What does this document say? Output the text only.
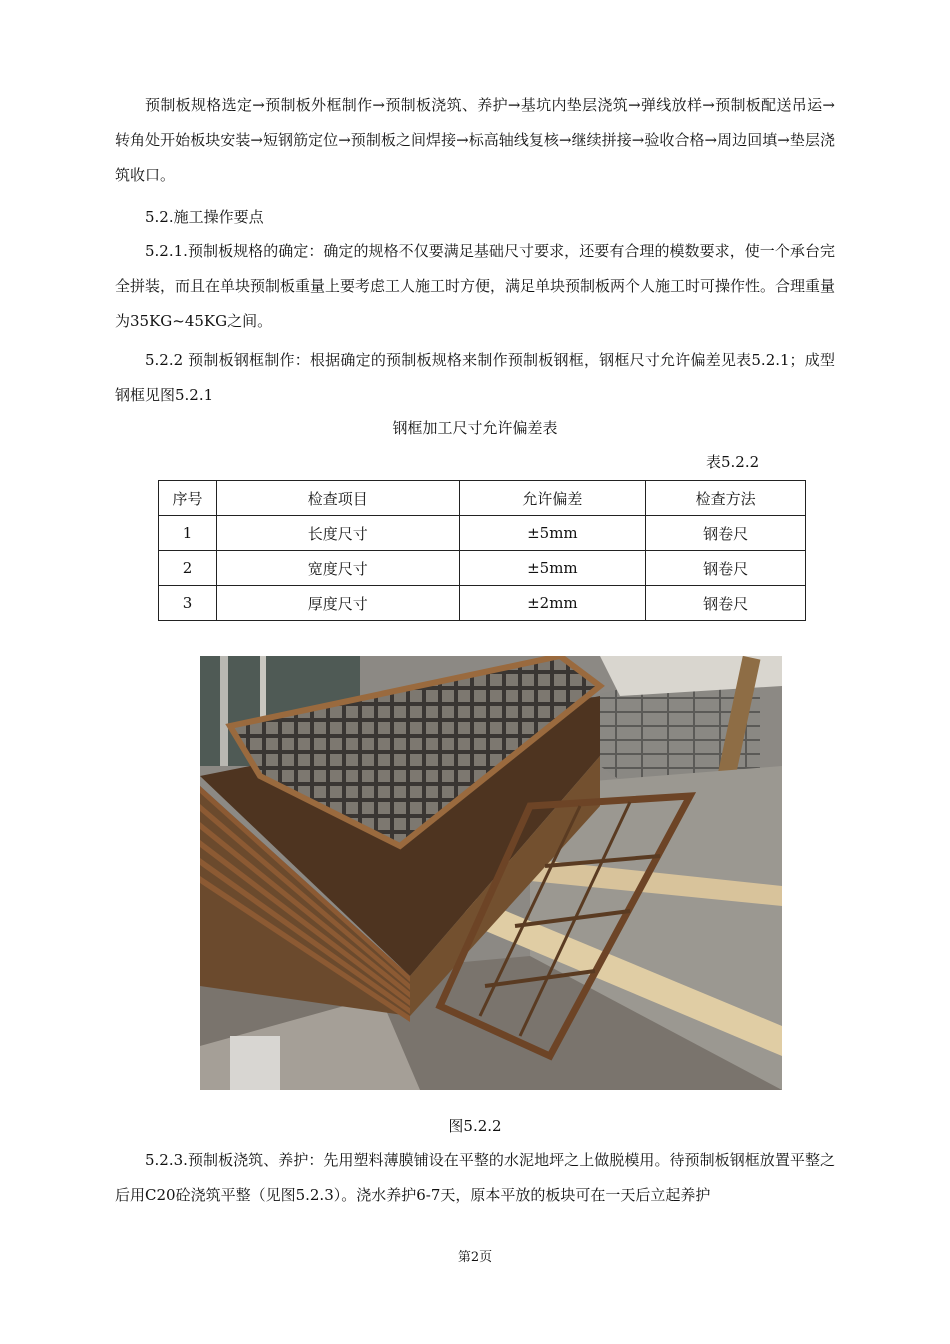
预制板规格选定→预制板外框制作→预制板浇筑、养护→基坑内垫层浇筑→弹线放样→预制板配送吊运→转角处开始板块安装→短钢筋定位→预制板之间焊接→标高轴线复核→继续拼接→验收合格→周边回填→垫层浇筑收口。

5.2.施工操作要点

5.2.1.预制板规格的确定：确定的规格不仅要满足基础尺寸要求，还要有合理的模数要求，使一个承台完全拼装，而且在单块预制板重量上要考虑工人施工时方便，满足单块预制板两个人施工时可操作性。合理重量为35KG~45KG之间。

5.2.2 预制板钢框制作：根据确定的预制板规格来制作预制板钢框，钢框尺寸允许偏差见表5.2.1；成型钢框见图5.2.1

钢框加工尺寸允许偏差表
表5.2.2
序号	检查项目	允许偏差	检查方法
1	长度尺寸	±5mm	钢卷尺
2	宽度尺寸	±5mm	钢卷尺
3	厚度尺寸	±2mm	钢卷尺
图5.2.2

5.2.3.预制板浇筑、养护：先用塑料薄膜铺设在平整的水泥地坪之上做脱模用。待预制板钢框放置平整之后用C20砼浇筑平整（见图5.2.3）。浇水养护6-7天，原本平放的板块可在一天后立起养护

第2页
